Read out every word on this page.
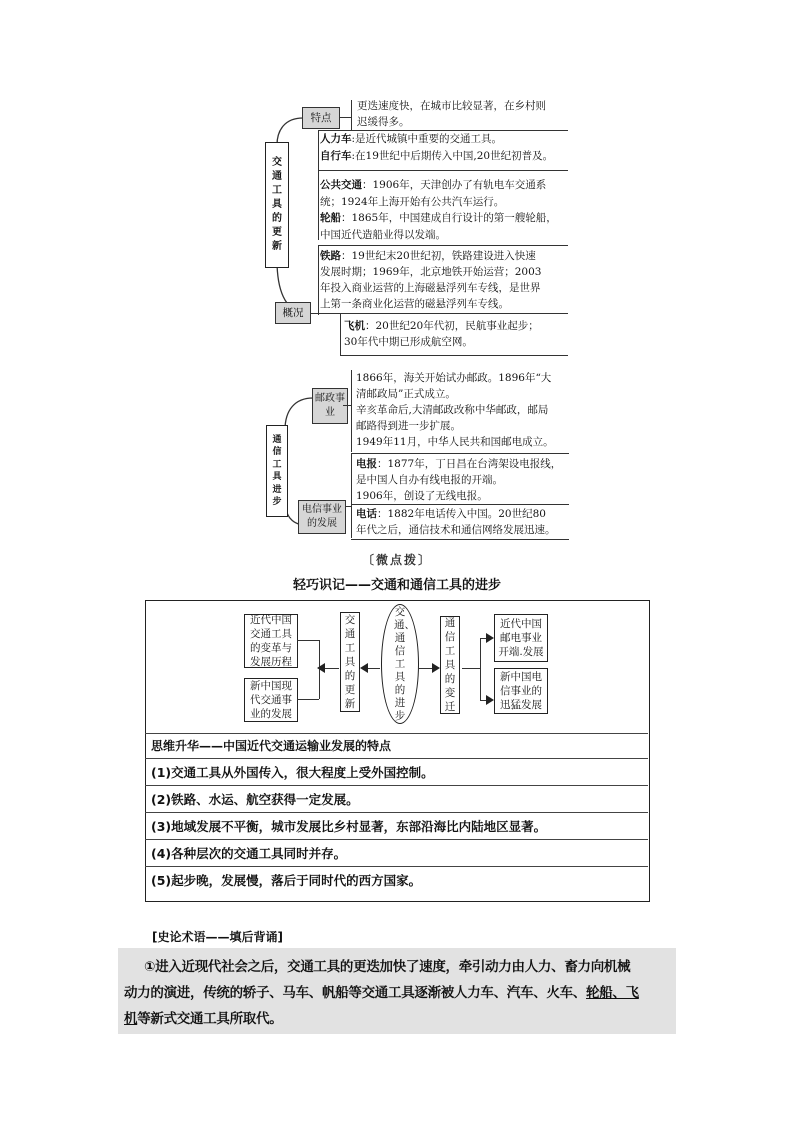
交通工具的更新
特点
更迭速度快，在城市比较显著，在乡村则
迟缓得多。
概况
人力车:是近代城镇中重要的交通工具。
自行车:在19世纪中后期传入中国,20世纪初普及。
公共交通：1906年，天津创办了有轨电车交通系
统；1924年上海开始有公共汽车运行。
轮船：1865年，中国建成自行设计的第一艘轮船，
中国近代造船业得以发端。
铁路：19世纪末20世纪初，铁路建设进入快速
发展时期；1969年，北京地铁开始运营；2003
年投入商业运营的上海磁悬浮列车专线，是世界
上第一条商业化运营的磁悬浮列车专线。
飞机：20世纪20年代初，民航事业起步；
30年代中期已形成航空网。
通信工具进步
邮政事业
1866年，海关开始试办邮政。1896年“大
清邮政局”正式成立。
辛亥革命后,大清邮政改称中华邮政，邮局
邮路得到进一步扩展。
1949年11月，中华人民共和国邮电成立。
电报：1877年，丁日昌在台湾架设电报线，
是中国人自办有线电报的开端。
1906年，创设了无线电报。
电信事业的发展
电话：1882年电话传入中国。20世纪80
年代之后，通信技术和通信网络发展迅速。
〔微点拨〕
轻巧识记——交通和通信工具的进步
近代中国交通工具的变革与发展历程
新中国现代交通事业的发展
交通工具的更新
交通、通信工具的进步
通信工具的变迁
近代中国邮电事业开端.发展
新中国电信事业的迅猛发展
思维升华——中国近代交通运输业发展的特点
(1)交通工具从外国传入，很大程度上受外国控制。
(2)铁路、水运、航空获得一定发展。
(3)地域发展不平衡，城市发展比乡村显著，东部沿海比内陆地区显著。
(4)各种层次的交通工具同时并存。
(5)起步晚，发展慢，落后于同时代的西方国家。
[史论术语——填后背诵]
①进入近现代社会之后，交通工具的更迭加快了速度，牵引动力由人力、畜力向机械
动力的演进，传统的轿子、马车、帆船等交通工具逐渐被人力车、汽车、火车、轮船、飞
机等新式交通工具所取代。
